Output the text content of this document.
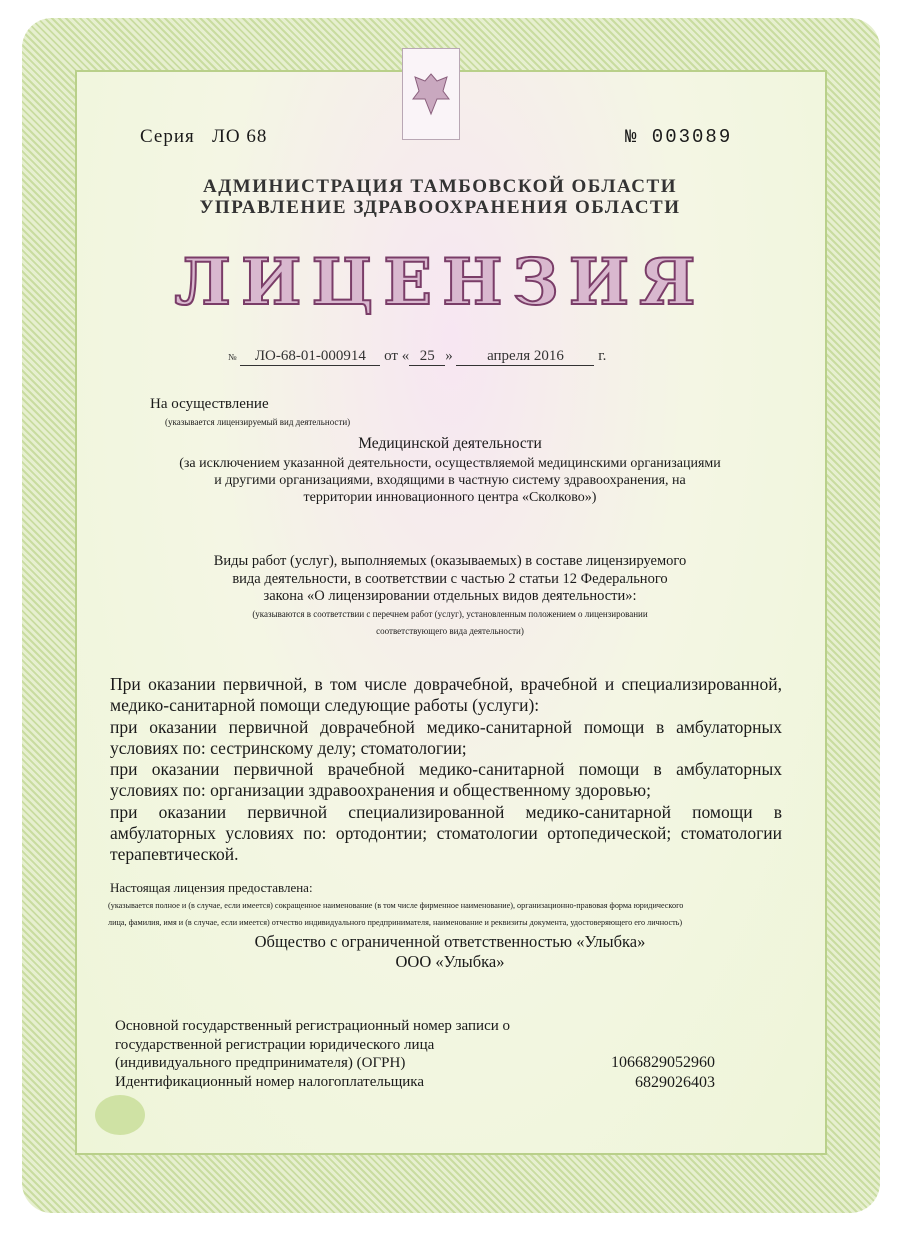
Серия ЛО 68	№ 003089
АДМИНИСТРАЦИЯ ТАМБОВСКОЙ ОБЛАСТИ
УПРАВЛЕНИЕ ЗДРАВООХРАНЕНИЯ ОБЛАСТИ
ЛИЦЕНЗИЯ
№ ЛО-68-01-000914 от « 25 » апреля 2016 г.
На осуществление
(указывается лицензируемый вид деятельности)
Медицинской деятельности
(за исключением указанной деятельности, осуществляемой медицинскими организациями
и другими организациями, входящими в частную систему здравоохранения, на
территории инновационного центра «Сколково»)
Виды работ (услуг), выполняемых (оказываемых) в составе лицензируемого
вида деятельности, в соответствии с частью 2 статьи 12 Федерального
закона «О лицензировании отдельных видов деятельности»:
(указываются в соответствии с перечнем работ (услуг), установленным положением о лицензировании
соответствующего вида деятельности)
При оказании первичной, в том числе доврачебной, врачебной и специализированной, медико-санитарной помощи следующие работы (услуги):
при оказании первичной доврачебной медико-санитарной помощи в амбулаторных условиях по: сестринскому делу; стоматологии;
при оказании первичной врачебной медико-санитарной помощи в амбулаторных условиях по: организации здравоохранения и общественному здоровью;
при оказании первичной специализированной медико-санитарной помощи в амбулаторных условиях по: ортодонтии; стоматологии ортопедической; стоматологии терапевтической.
Настоящая лицензия предоставлена:
(указывается полное и (в случае, если имеется) сокращенное наименование (в том числе фирменное наименование), организационно-правовая форма юридического
лица, фамилия, имя и (в случае, если имеется) отчество индивидуального предпринимателя, наименование и реквизиты документа, удостоверяющего его личность)
Общество с ограниченной ответственностью «Улыбка»
ООО «Улыбка»
Основной государственный регистрационный номер записи о
государственной регистрации юридического лица
(индивидуального предпринимателя) (ОГРН)
Идентификационный номер налогоплательщика
1066829052960
6829026403
